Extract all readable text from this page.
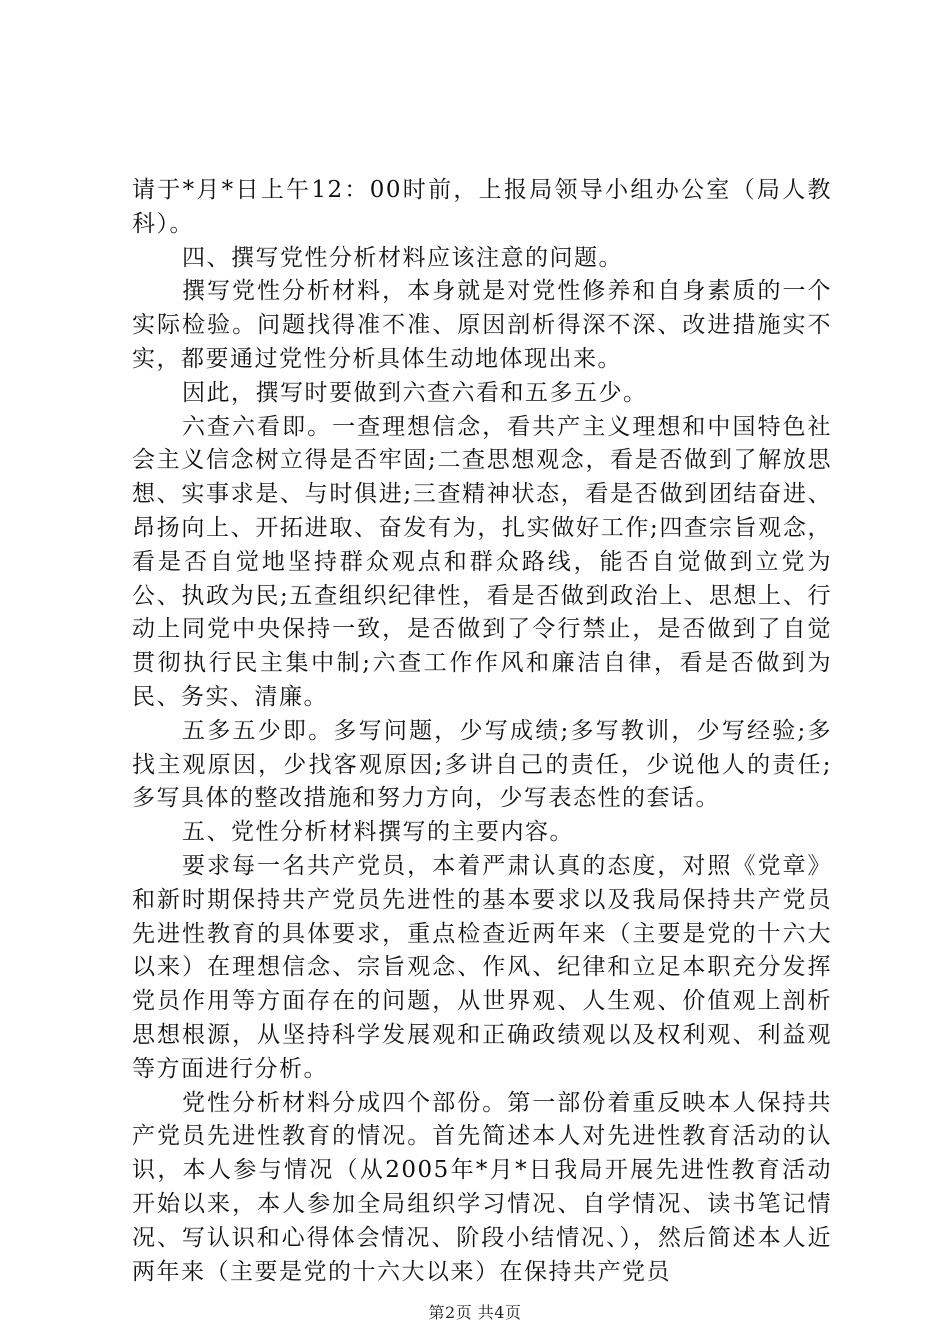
请于*月*日上午12：00时前，上报局领导小组办公室（局人教科）。

四、撰写党性分析材料应该注意的问题。

撰写党性分析材料，本身就是对党性修养和自身素质的一个实际检验。问题找得准不准、原因剖析得深不深、改进措施实不实，都要通过党性分析具体生动地体现出来。

因此，撰写时要做到六查六看和五多五少。

六查六看即。一查理想信念，看共产主义理想和中国特色社会主义信念树立得是否牢固;二查思想观念，看是否做到了解放思想、实事求是、与时俱进;三查精神状态，看是否做到团结奋进、昂扬向上、开拓进取、奋发有为，扎实做好工作;四查宗旨观念，看是否自觉地坚持群众观点和群众路线，能否自觉做到立党为公、执政为民;五查组织纪律性，看是否做到政治上、思想上、行动上同党中央保持一致，是否做到了令行禁止，是否做到了自觉贯彻执行民主集中制;六查工作作风和廉洁自律，看是否做到为民、务实、清廉。

五多五少即。多写问题，少写成绩;多写教训，少写经验;多找主观原因，少找客观原因;多讲自己的责任，少说他人的责任;多写具体的整改措施和努力方向，少写表态性的套话。

五、党性分析材料撰写的主要内容。

要求每一名共产党员，本着严肃认真的态度，对照《党章》和新时期保持共产党员先进性的基本要求以及我局保持共产党员先进性教育的具体要求，重点检查近两年来（主要是党的十六大以来）在理想信念、宗旨观念、作风、纪律和立足本职充分发挥党员作用等方面存在的问题，从世界观、人生观、价值观上剖析思想根源，从坚持科学发展观和正确政绩观以及权利观、利益观等方面进行分析。

党性分析材料分成四个部份。第一部份着重反映本人保持共产党员先进性教育的情况。首先简述本人对先进性教育活动的认识，本人参与情况（从2005年*月*日我局开展先进性教育活动开始以来，本人参加全局组织学习情况、自学情况、读书笔记情况、写认识和心得体会情况、阶段小结情况、），然后简述本人近两年来（主要是党的十六大以来）在保持共产党员

第2页 共4页
